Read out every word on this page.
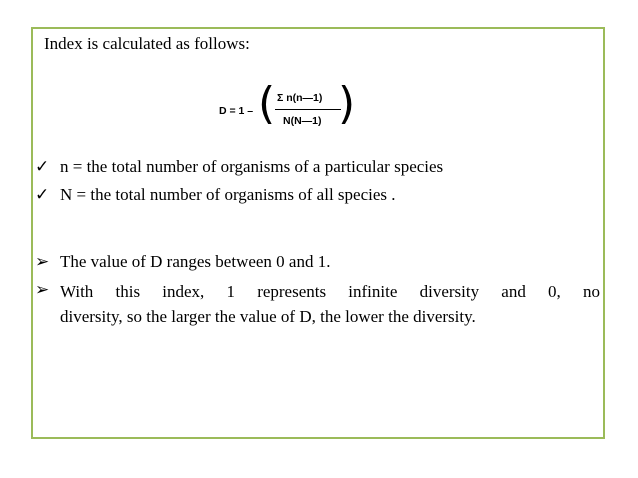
Index is calculated as follows:
D = 1 – ( Σ n(n—1)
N(N—1) )
✓ n = the total number of organisms of a particular species
✓ N = the total number of organisms of all species .
➢ The value of D ranges between 0 and 1.
➢ With this index, 1 represents infinite diversity and 0, no
diversity, so the larger the value of D, the lower the diversity.
